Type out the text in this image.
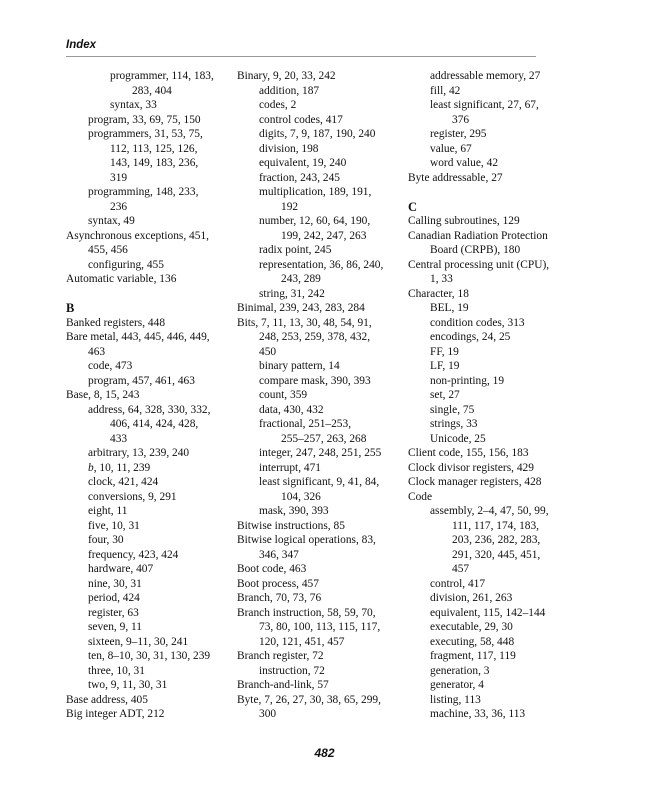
Index
programmer, 114, 183,
283, 404
syntax, 33
program, 33, 69, 75, 150
programmers, 31, 53, 75,
112, 113, 125, 126,
143, 149, 183, 236,
319
programming, 148, 233,
236
syntax, 49
Asynchronous exceptions, 451,
455, 456
configuring, 455
Automatic variable, 136
B
Banked registers, 448
Bare metal, 443, 445, 446, 449,
463
code, 473
program, 457, 461, 463
Base, 8, 15, 243
address, 64, 328, 330, 332,
406, 414, 424, 428,
433
arbitrary, 13, 239, 240
b, 10, 11, 239
clock, 421, 424
conversions, 9, 291
eight, 11
five, 10, 31
four, 30
frequency, 423, 424
hardware, 407
nine, 30, 31
period, 424
register, 63
seven, 9, 11
sixteen, 9–11, 30, 241
ten, 8–10, 30, 31, 130, 239
three, 10, 31
two, 9, 11, 30, 31
Base address, 405
Big integer ADT, 212
Binary, 9, 20, 33, 242
addition, 187
codes, 2
control codes, 417
digits, 7, 9, 187, 190, 240
division, 198
equivalent, 19, 240
fraction, 243, 245
multiplication, 189, 191,
192
number, 12, 60, 64, 190,
199, 242, 247, 263
radix point, 245
representation, 36, 86, 240,
243, 289
string, 31, 242
Binimal, 239, 243, 283, 284
Bits, 7, 11, 13, 30, 48, 54, 91,
248, 253, 259, 378, 432,
450
binary pattern, 14
compare mask, 390, 393
count, 359
data, 430, 432
fractional, 251–253,
255–257, 263, 268
integer, 247, 248, 251, 255
interrupt, 471
least significant, 9, 41, 84,
104, 326
mask, 390, 393
Bitwise instructions, 85
Bitwise logical operations, 83,
346, 347
Boot code, 463
Boot process, 457
Branch, 70, 73, 76
Branch instruction, 58, 59, 70,
73, 80, 100, 113, 115, 117,
120, 121, 451, 457
Branch register, 72
instruction, 72
Branch-and-link, 57
Byte, 7, 26, 27, 30, 38, 65, 299,
300
addressable memory, 27
fill, 42
least significant, 27, 67,
376
register, 295
value, 67
word value, 42
Byte addressable, 27
C
Calling subroutines, 129
Canadian Radiation Protection
Board (CRPB), 180
Central processing unit (CPU),
1, 33
Character, 18
BEL, 19
condition codes, 313
encodings, 24, 25
FF, 19
LF, 19
non-printing, 19
set, 27
single, 75
strings, 33
Unicode, 25
Client code, 155, 156, 183
Clock divisor registers, 429
Clock manager registers, 428
Code
assembly, 2–4, 47, 50, 99,
111, 117, 174, 183,
203, 236, 282, 283,
291, 320, 445, 451,
457
control, 417
division, 261, 263
equivalent, 115, 142–144
executable, 29, 30
executing, 58, 448
fragment, 117, 119
generation, 3
generator, 4
listing, 113
machine, 33, 36, 113
482
